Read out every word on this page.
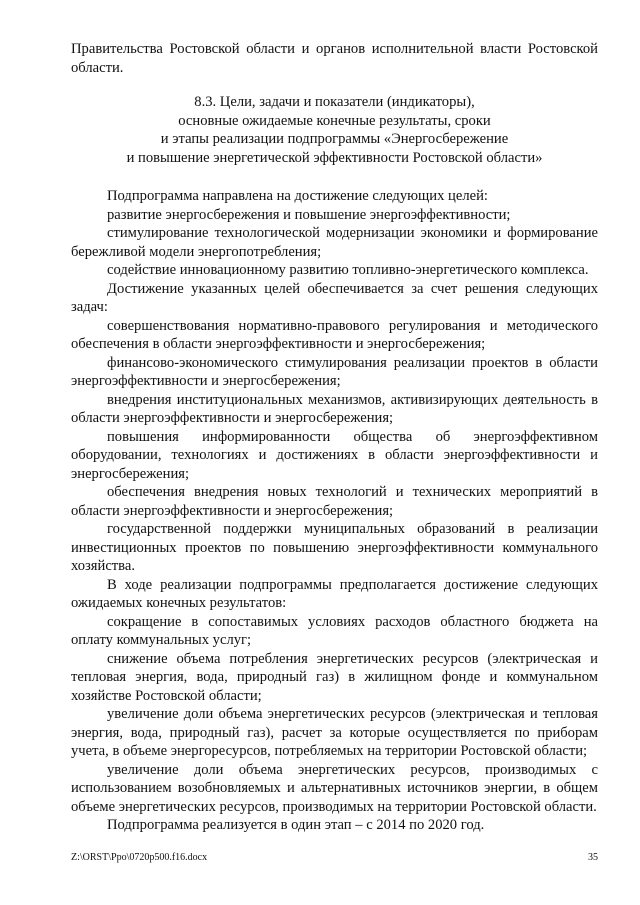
Правительства Ростовской области и органов исполнительной власти Ростовской области.

8.3. Цели, задачи и показатели (индикаторы),
основные ожидаемые конечные результаты, сроки
и этапы реализации подпрограммы «Энергосбережение
и повышение энергетической эффективности Ростовской области»

Подпрограмма направлена на достижение следующих целей:

развитие энергосбережения и повышение энергоэффективности;

стимулирование технологической модернизации экономики и формирование бережливой модели энергопотребления;

содействие инновационному развитию топливно-энергетического комплекса.

Достижение указанных целей обеспечивается за счет решения следующих задач:

совершенствования нормативно-правового регулирования и методического обеспечения в области энергоэффективности и энергосбережения;

финансово-экономического стимулирования реализации проектов в области энергоэффективности и энергосбережения;

внедрения институциональных механизмов, активизирующих деятельность в области энергоэффективности и энергосбережения;

повышения информированности общества об энергоэффективном оборудовании, технологиях и достижениях в области энергоэффективности и энергосбережения;

обеспечения внедрения новых технологий и технических мероприятий в области энергоэффективности и энергосбережения;

государственной поддержки муниципальных образований в реализации инвестиционных проектов по повышению энергоэффективности коммунального хозяйства.

В ходе реализации подпрограммы предполагается достижение следующих ожидаемых конечных результатов:

сокращение в сопоставимых условиях расходов областного бюджета на оплату коммунальных услуг;

снижение объема потребления энергетических ресурсов (электрическая и тепловая энергия, вода, природный газ) в жилищном фонде и коммунальном хозяйстве Ростовской области;

увеличение доли объема энергетических ресурсов (электрическая и тепловая энергия, вода, природный газ), расчет за которые осуществляется по приборам учета, в объеме энергоресурсов, потребляемых на территории Ростовской области;

увеличение доли объема энергетических ресурсов, производимых с использованием возобновляемых и альтернативных источников энергии, в общем объеме энергетических ресурсов, производимых на территории Ростовской области.

Подпрограмма реализуется в один этап – с 2014 по 2020 год.

Z:\ORST\Ppo\0720p500.f16.docx	35
